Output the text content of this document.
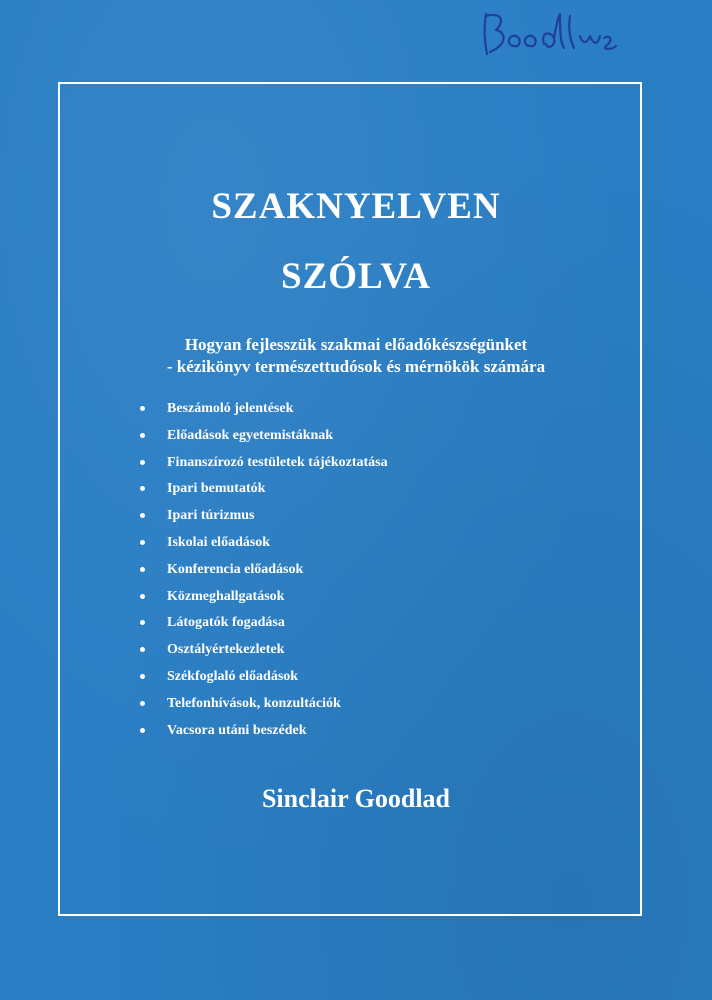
SZAKNYELVEN
SZÓLVA
Hogyan fejlesszük szakmai előadókészségünket
- kézikönyv természettudósok és mérnökök számára
Beszámoló jelentések
Előadások egyetemistáknak
Finanszírozó testületek tájékoztatása
Ipari bemutatók
Ipari túrizmus
Iskolai előadások
Konferencia előadások
Közmeghallgatások
Látogatók fogadása
Osztályértekezletek
Székfoglaló előadások
Telefonhívások, konzultációk
Vacsora utáni beszédek
Sinclair Goodlad
